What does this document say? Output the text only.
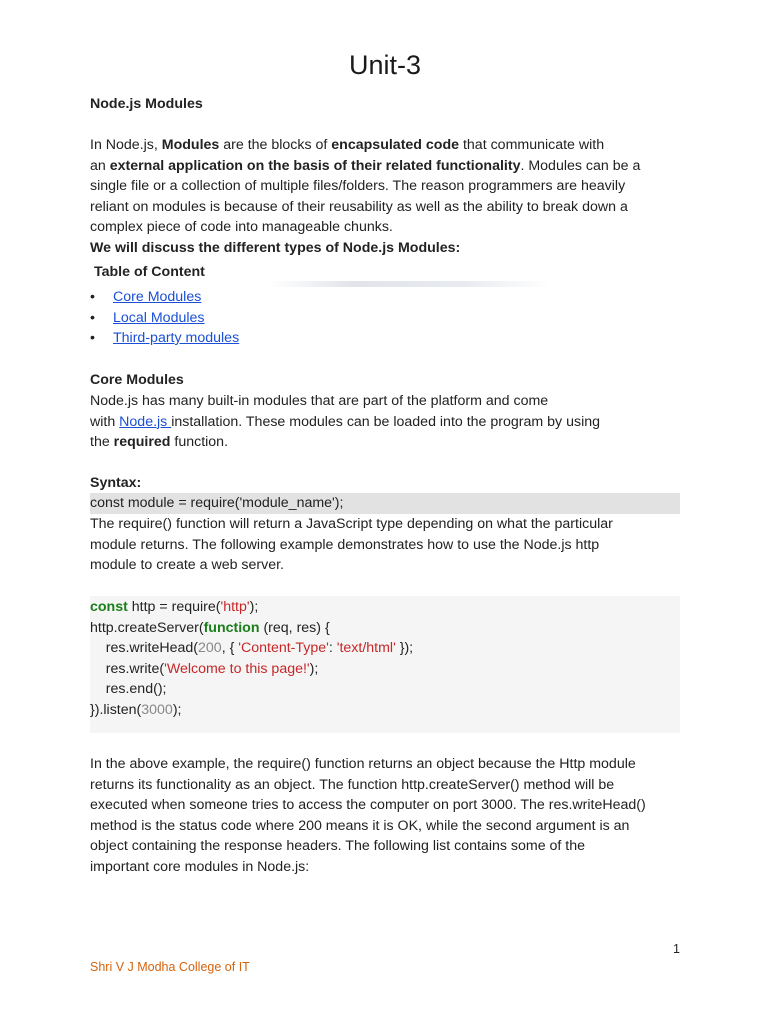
Unit-3
Node.js Modules
In Node.js, Modules are the blocks of encapsulated code that communicate with
an external application on the basis of their related functionality. Modules can be a
single file or a collection of multiple files/folders. The reason programmers are heavily
reliant on modules is because of their reusability as well as the ability to break down a
complex piece of code into manageable chunks.
We will discuss the different types of Node.js Modules:
Table of Content
• Core Modules
• Local Modules
• Third-party modules
Core Modules
Node.js has many built-in modules that are part of the platform and come
with Node.js installation. These modules can be loaded into the program by using
the required function.
Syntax:
const module = require('module_name');
The require() function will return a JavaScript type depending on what the particular
module returns. The following example demonstrates how to use the Node.js http
module to create a web server.
const http = require('http');
http.createServer(function (req, res) {
res.writeHead(200, { 'Content-Type': 'text/html' });
res.write('Welcome to this page!');
res.end();
}).listen(3000);
In the above example, the require() function returns an object because the Http module
returns its functionality as an object. The function http.createServer() method will be
executed when someone tries to access the computer on port 3000. The res.writeHead()
method is the status code where 200 means it is OK, while the second argument is an
object containing the response headers. The following list contains some of the
important core modules in Node.js:
1
Shri V J Modha College of IT
